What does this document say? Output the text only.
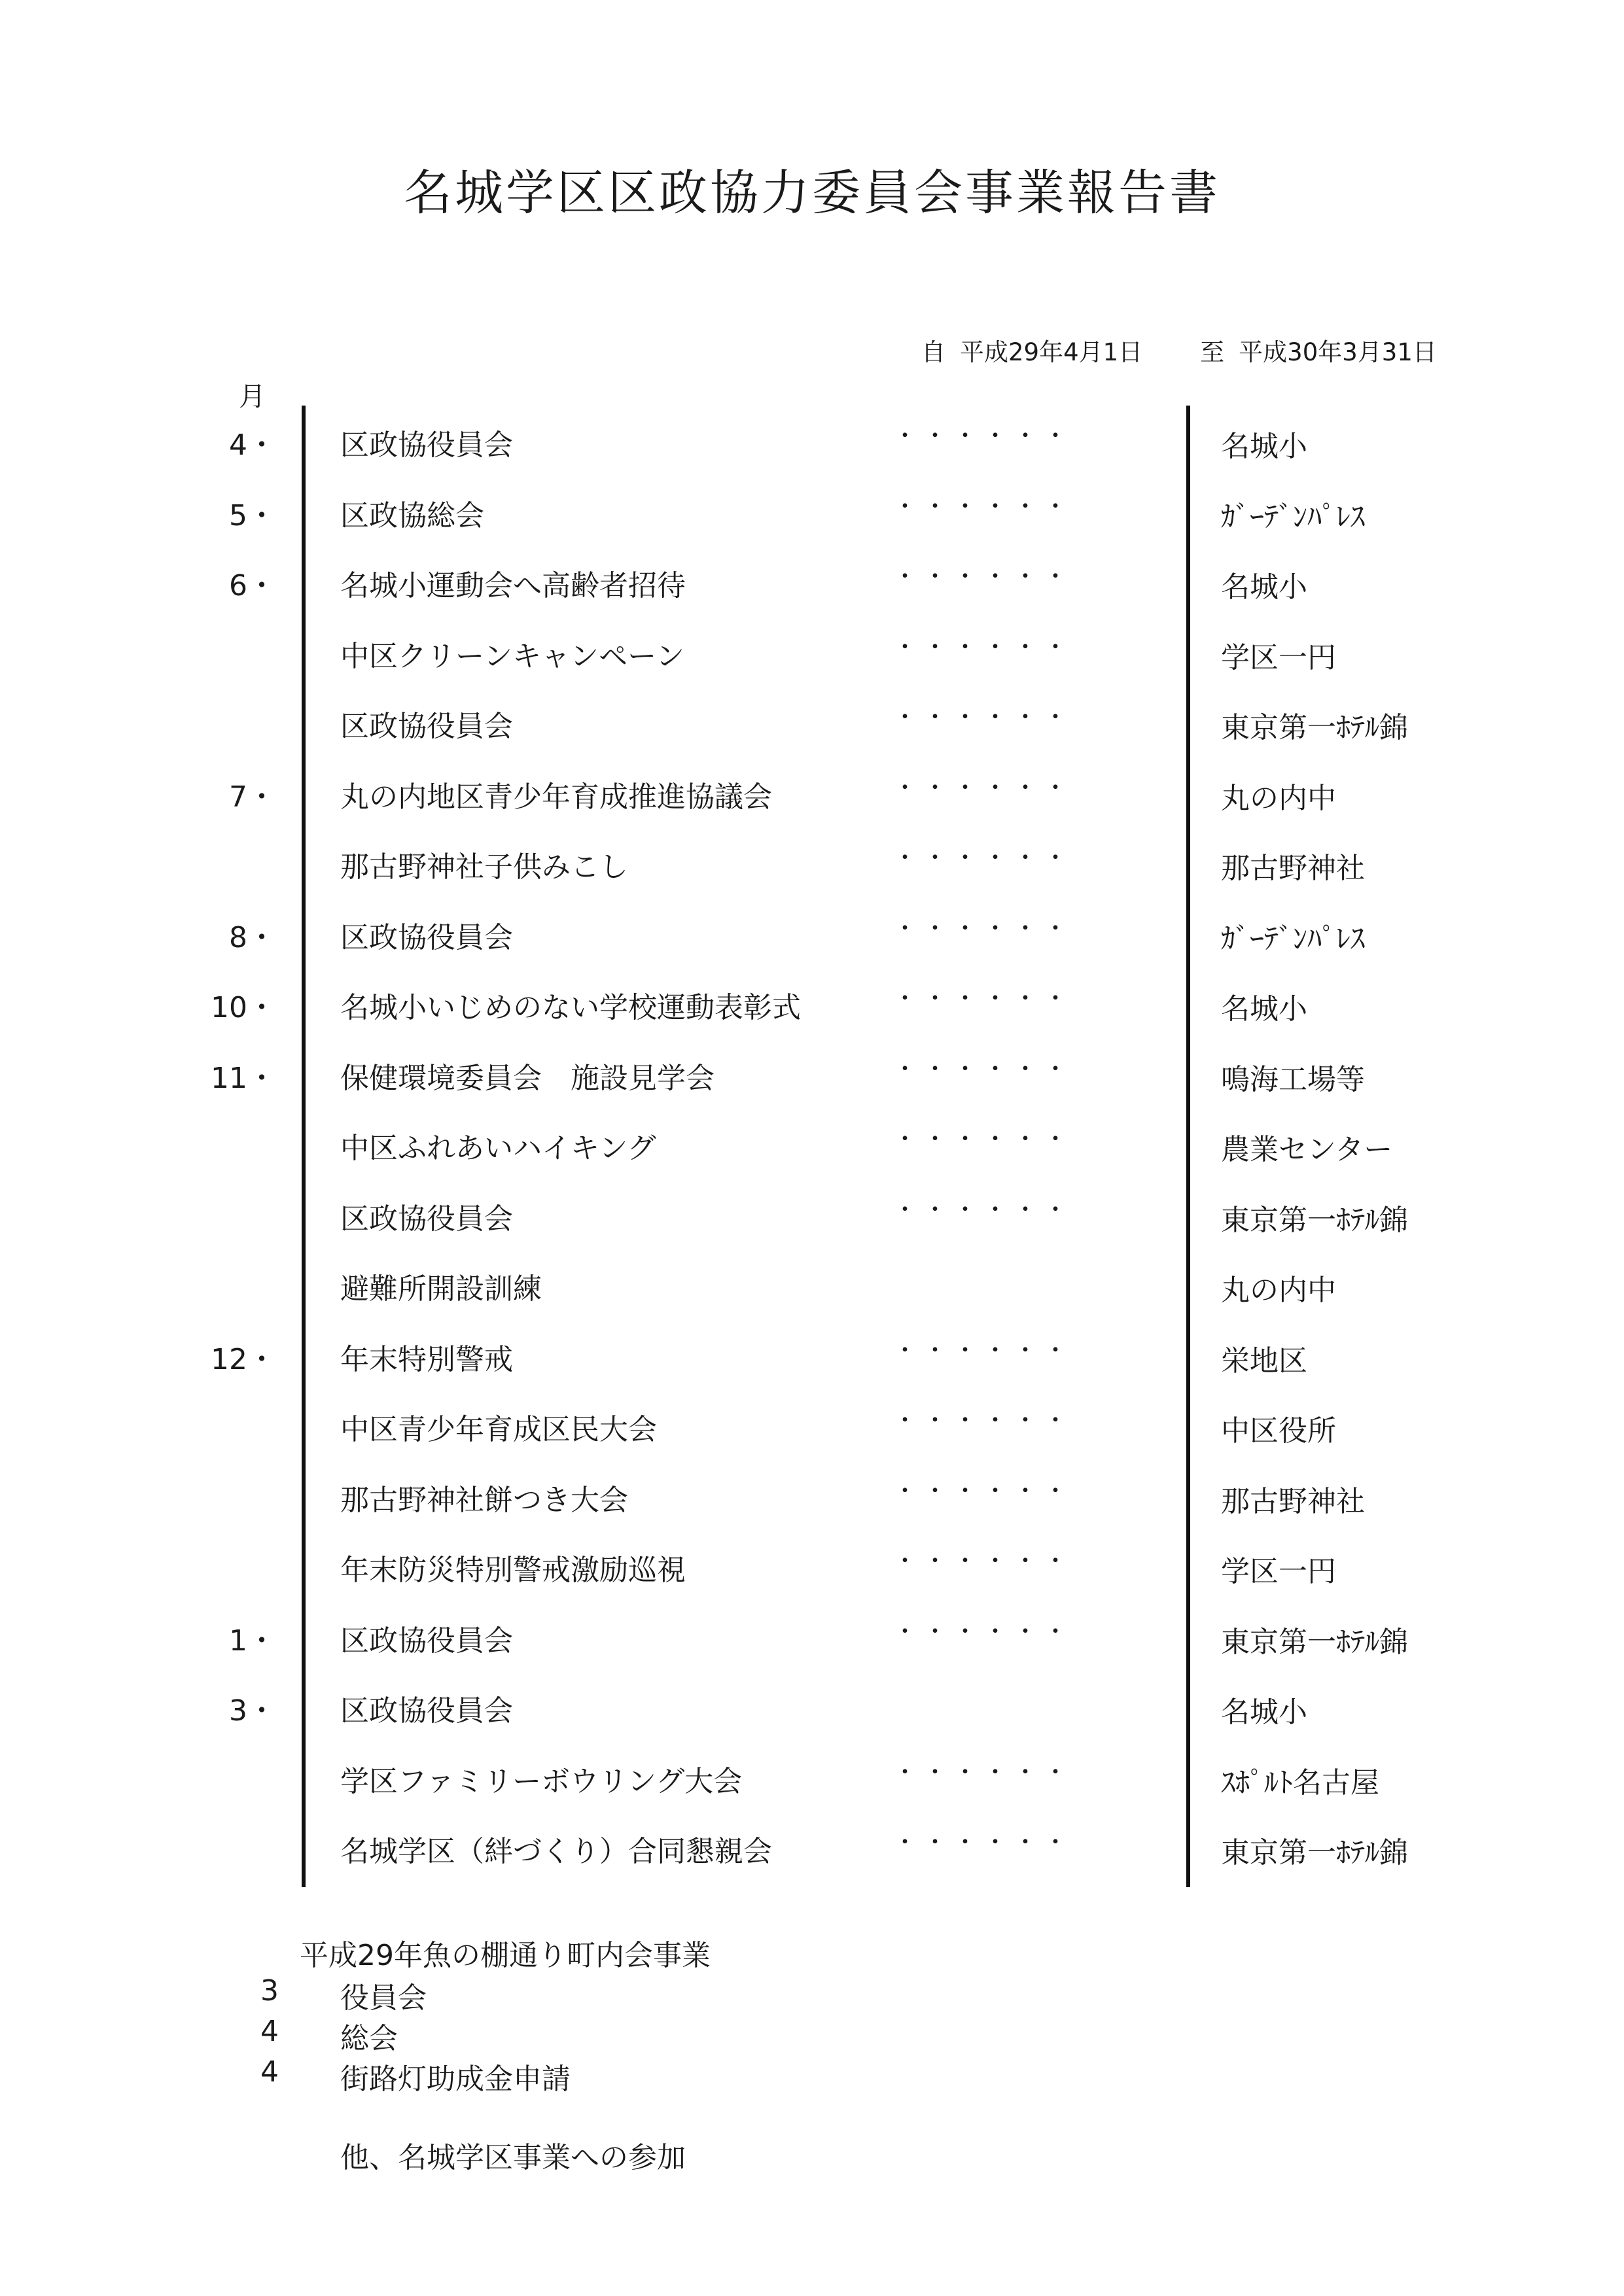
名城学区区政協力委員会事業報告書
自 平成29年4月1日 至 平成30年3月31日
月
4・ 区政協役員会	・・・・・・	名城小
5・ 区政協総会	・・・・・・	ｶﾞｰﾃﾞﾝﾊﾟﾚｽ
6・ 名城小運動会へ高齢者招待	・・・・・・	名城小
中区クリーンキャンペーン	・・・・・・	学区一円
区政協役員会	・・・・・・	東京第一ﾎﾃﾙ錦
7・ 丸の内地区青少年育成推進協議会	・・・・・・	丸の内中
那古野神社子供みこし	・・・・・・	那古野神社
8・ 区政協役員会	・・・・・・	ｶﾞｰﾃﾞﾝﾊﾟﾚｽ
10・ 名城小いじめのない学校運動表彰式	・・・・・・	名城小
11・ 保健環境委員会　施設見学会	・・・・・・	鳴海工場等
中区ふれあいハイキング	・・・・・・	農業センター
区政協役員会	・・・・・・	東京第一ﾎﾃﾙ錦
避難所開設訓練	丸の内中
12・ 年末特別警戒	・・・・・・	栄地区
中区青少年育成区民大会	・・・・・・	中区役所
那古野神社餅つき大会	・・・・・・	那古野神社
年末防災特別警戒激励巡視	・・・・・・	学区一円
1・ 区政協役員会	・・・・・・	東京第一ﾎﾃﾙ錦
3・ 区政協役員会	名城小
学区ファミリーボウリング大会	・・・・・・	ｽﾎﾟﾙﾄ名古屋
名城学区（絆づくり）合同懇親会	・・・・・・	東京第一ﾎﾃﾙ錦
平成29年魚の棚通り町内会事業
3 役員会
4 総会
4 街路灯助成金申請
他、名城学区事業への参加
